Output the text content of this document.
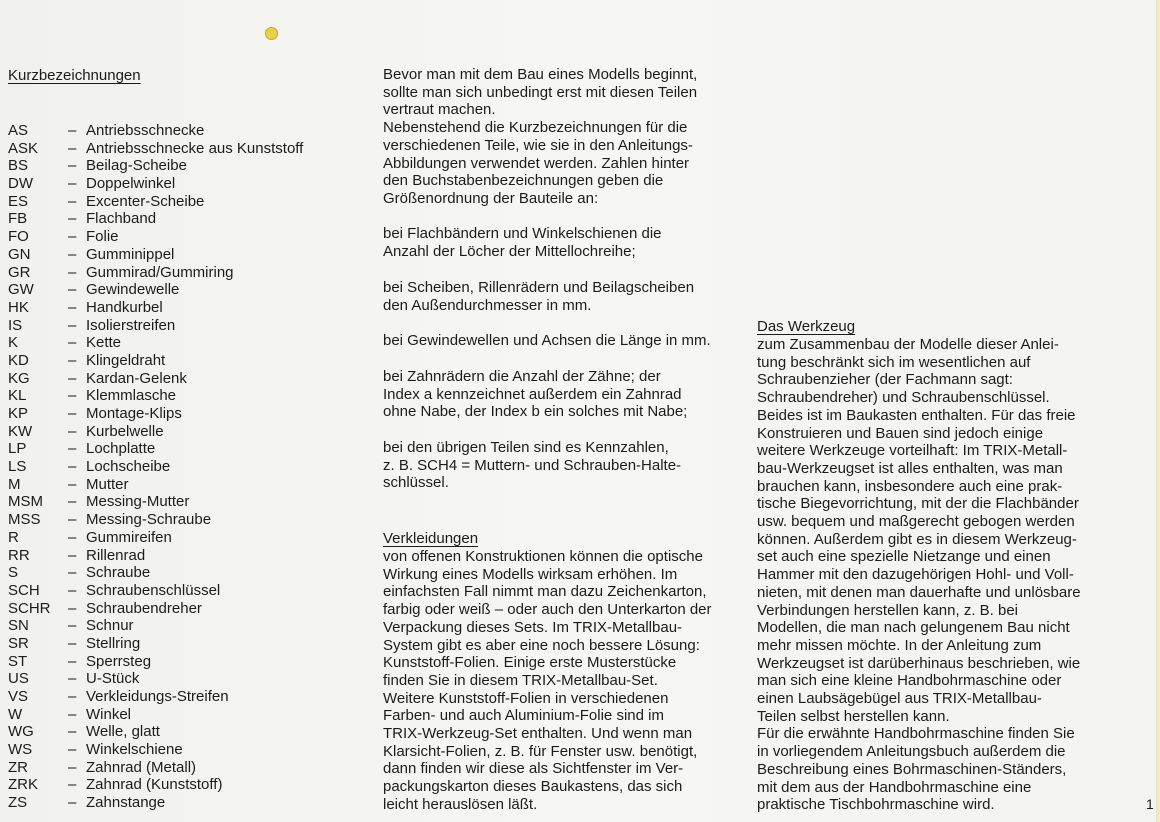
Kurzbezeichnungen
AS	– Antriebsschnecke
ASK – Antriebsschnecke aus Kunststoff
BS	– Beilag-Scheibe
DW – Doppelwinkel
ES	– Excenter-Scheibe
FB	– Flachband
FO	– Folie
GN	– Gumminippel
GR	– Gummirad/Gummiring
GW – Gewindewelle
HK	– Handkurbel
IS	– Isolierstreifen
K	– Kette
KD	– Klingeldraht
KG	– Kardan-Gelenk
KL	– Klemmlasche
KP	– Montage-Klips
KW – Kurbelwelle
LP	– Lochplatte
LS	– Lochscheibe
M	– Mutter
MSM – Messing-Mutter
MSS – Messing-Schraube
R	– Gummireifen
RR	– Rillenrad
S	– Schraube
SCH – Schraubenschlüssel
SCHR – Schraubendreher
SN	– Schnur
SR	– Stellring
ST	– Sperrsteg
US	– U-Stück
VS	– Verkleidungs-Streifen
W	– Winkel
WG – Welle, glatt
WS – Winkelschiene
ZR	– Zahnrad (Metall)
ZRK – Zahnrad (Kunststoff)
ZS	– Zahnstange
Bevor man mit dem Bau eines Modells beginnt,
sollte man sich unbedingt erst mit diesen Teilen
vertraut machen.
Nebenstehend die Kurzbezeichnungen für die
verschiedenen Teile, wie sie in den Anleitungs-
Abbildungen verwendet werden. Zahlen hinter
den Buchstabenbezeichnungen geben die
Größenordnung der Bauteile an:
bei Flachbändern und Winkelschienen die
Anzahl der Löcher der Mittellochreihe;
bei Scheiben, Rillenrädern und Beilagscheiben
den Außendurchmesser in mm.
bei Gewindewellen und Achsen die Länge in mm.
bei Zahnrädern die Anzahl der Zähne; der
Index a kennzeichnet außerdem ein Zahnrad
ohne Nabe, der Index b ein solches mit Nabe;
bei den übrigen Teilen sind es Kennzahlen,
z. B. SCH4 = Muttern- und Schrauben-Halte-
schlüssel.
Verkleidungen
von offenen Konstruktionen können die optische
Wirkung eines Modells wirksam erhöhen. Im
einfachsten Fall nimmt man dazu Zeichenkarton,
farbig oder weiß – oder auch den Unterkarton der
Verpackung dieses Sets. Im TRIX-Metallbau-
System gibt es aber eine noch bessere Lösung:
Kunststoff-Folien. Einige erste Musterstücke
finden Sie in diesem TRIX-Metallbau-Set.
Weitere Kunststoff-Folien in verschiedenen
Farben- und auch Aluminium-Folie sind im
TRIX-Werkzeug-Set enthalten. Und wenn man
Klarsicht-Folien, z. B. für Fenster usw. benötigt,
dann finden wir diese als Sichtfenster im Ver-
packungskarton dieses Baukastens, das sich
leicht herauslösen läßt.
Das Werkzeug
zum Zusammenbau der Modelle dieser Anlei-
tung beschränkt sich im wesentlichen auf
Schraubenzieher (der Fachmann sagt:
Schraubendreher) und Schraubenschlüssel.
Beides ist im Baukasten enthalten. Für das freie
Konstruieren und Bauen sind jedoch einige
weitere Werkzeuge vorteilhaft: Im TRIX-Metall-
bau-Werkzeugset ist alles enthalten, was man
brauchen kann, insbesondere auch eine prak-
tische Biegevorrichtung, mit der die Flachbänder
usw. bequem und maßgerecht gebogen werden
können. Außerdem gibt es in diesem Werkzeug-
set auch eine spezielle Nietzange und einen
Hammer mit den dazugehörigen Hohl- und Voll-
nieten, mit denen man dauerhafte und unlösbare
Verbindungen herstellen kann, z. B. bei
Modellen, die man nach gelungenem Bau nicht
mehr missen möchte. In der Anleitung zum
Werkzeugset ist darüberhinaus beschrieben, wie
man sich eine kleine Handbohrmaschine oder
einen Laubsägebügel aus TRIX-Metallbau-
Teilen selbst herstellen kann.
Für die erwähnte Handbohrmaschine finden Sie
in vorliegendem Anleitungsbuch außerdem die
Beschreibung eines Bohrmaschinen-Ständers,
mit dem aus der Handbohrmaschine eine
praktische Tischbohrmaschine wird.	1
